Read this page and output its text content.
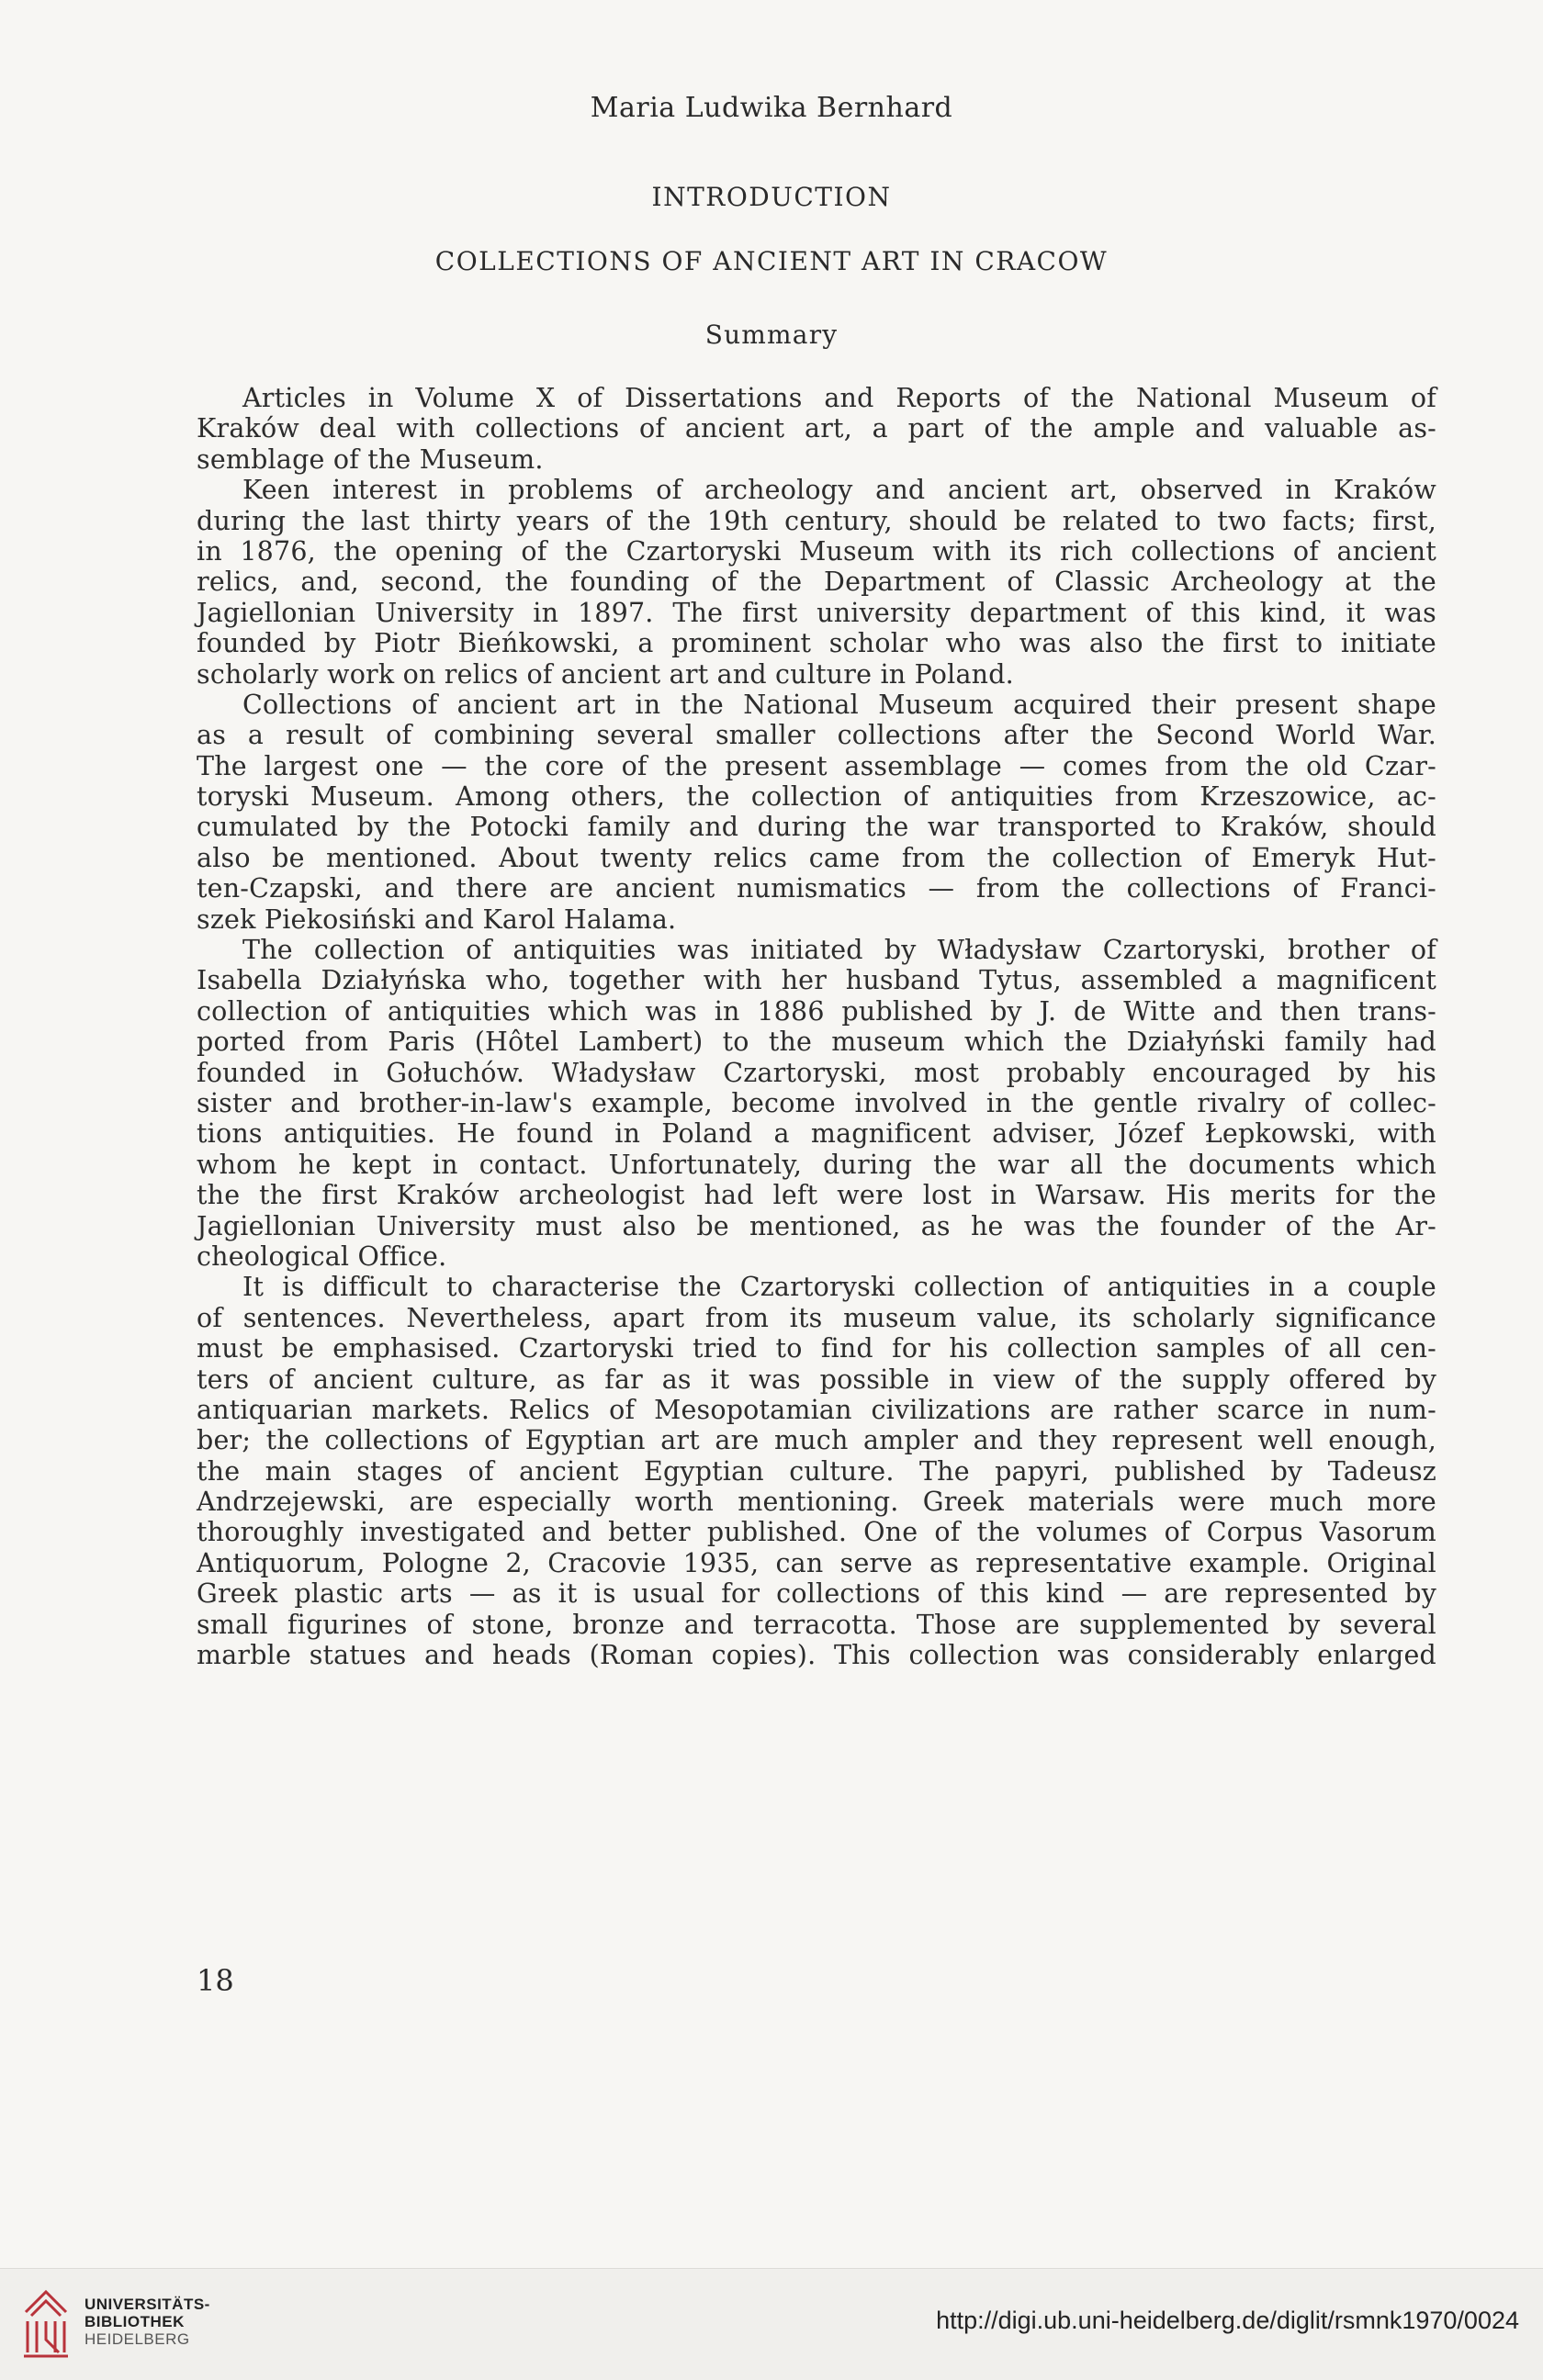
Maria Ludwika Bernhard
INTRODUCTION
COLLECTIONS OF ANCIENT ART IN CRACOW
Summary
Articles in Volume X of Dissertations and Reports of the National Museum of
Kraków deal with collections of ancient art, a part of the ample and valuable as-
semblage of the Museum.
Keen interest in problems of archeology and ancient art, observed in Kraków
during the last thirty years of the 19th century, should be related to two facts; first,
in 1876, the opening of the Czartoryski Museum with its rich collections of ancient
relics, and, second, the founding of the Department of Classic Archeology at the
Jagiellonian University in 1897. The first university department of this kind, it was
founded by Piotr Bieńkowski, a prominent scholar who was also the first to initiate
scholarly work on relics of ancient art and culture in Poland.
Collections of ancient art in the National Museum acquired their present shape
as a result of combining several smaller collections after the Second World War.
The largest one — the core of the present assemblage — comes from the old Czar-
toryski Museum. Among others, the collection of antiquities from Krzeszowice, ac-
cumulated by the Potocki family and during the war transported to Kraków, should
also be mentioned. About twenty relics came from the collection of Emeryk Hut-
ten-Czapski, and there are ancient numismatics — from the collections of Franci-
szek Piekosiński and Karol Halama.
The collection of antiquities was initiated by Władysław Czartoryski, brother of
Isabella Działyńska who, together with her husband Tytus, assembled a magnificent
collection of antiquities which was in 1886 published by J. de Witte and then trans-
ported from Paris (Hôtel Lambert) to the museum which the Działyński family had
founded in Gołuchów. Władysław Czartoryski, most probably encouraged by his
sister and brother-in-law's example, become involved in the gentle rivalry of collec-
tions antiquities. He found in Poland a magnificent adviser, Józef Łepkowski, with
whom he kept in contact. Unfortunately, during the war all the documents which
the the first Kraków archeologist had left were lost in Warsaw. His merits for the
Jagiellonian University must also be mentioned, as he was the founder of the Ar-
cheological Office.
It is difficult to characterise the Czartoryski collection of antiquities in a couple
of sentences. Nevertheless, apart from its museum value, its scholarly significance
must be emphasised. Czartoryski tried to find for his collection samples of all cen-
ters of ancient culture, as far as it was possible in view of the supply offered by
antiquarian markets. Relics of Mesopotamian civilizations are rather scarce in num-
ber; the collections of Egyptian art are much ampler and they represent well enough,
the main stages of ancient Egyptian culture. The papyri, published by Tadeusz
Andrzejewski, are especially worth mentioning. Greek materials were much more
thoroughly investigated and better published. One of the volumes of Corpus Vasorum
Antiquorum, Pologne 2, Cracovie 1935, can serve as representative example. Original
Greek plastic arts — as it is usual for collections of this kind — are represented by
small figurines of stone, bronze and terracotta. Those are supplemented by several
marble statues and heads (Roman copies). This collection was considerably enlarged
18
UNIVERSITÄTS-
BIBLIOTHEK
HEIDELBERG
http://digi.ub.uni-heidelberg.de/diglit/rsmnk1970/0024
